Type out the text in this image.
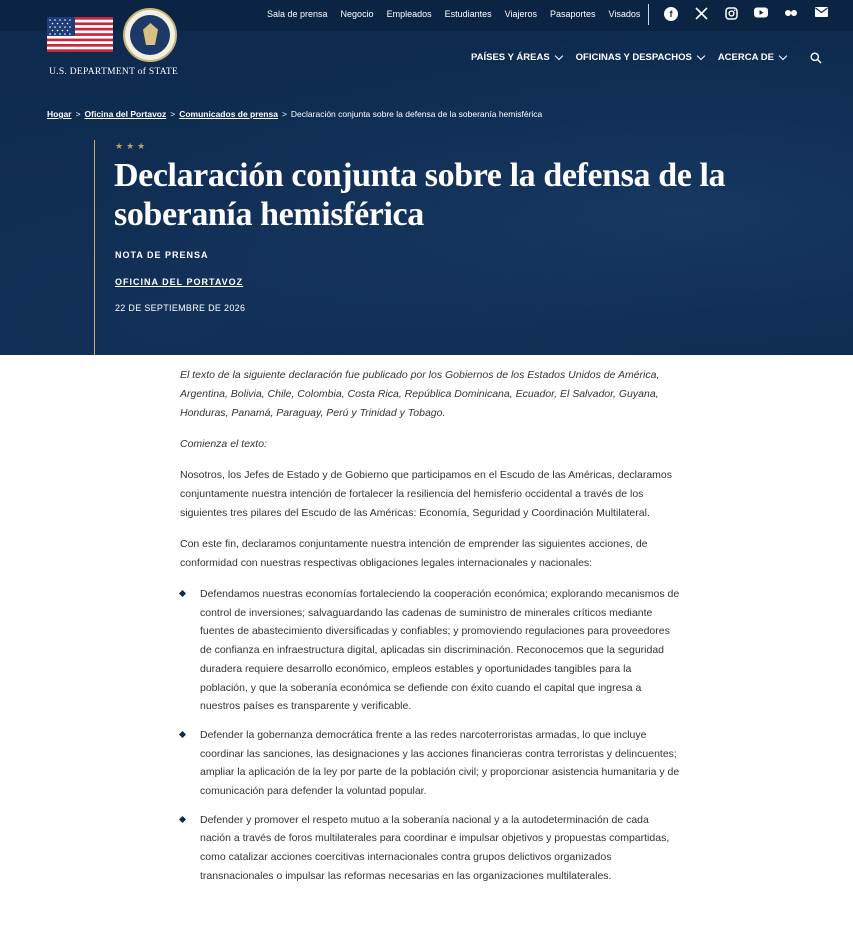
Sala de prensa Negocio Empleados Estudiantes Viajeros Pasaportes Visados	f
U.S. DEPARTMENT of STATE
PAÍSES Y ÁREAS	OFICINAS Y DESPACHOS	ACERCA DE
Hogar > Oficina del Portavoz > Comunicados de prensa > Declaración conjunta sobre la defensa de la soberanía hemisférica
★★★
Declaración conjunta sobre la defensa de la soberanía hemisférica
NOTA DE PRENSA
OFICINA DEL PORTAVOZ
22 DE SEPTIEMBRE DE 2026

El texto de la siguiente declaración fue publicado por los Gobiernos de los Estados Unidos de América, Argentina, Bolivia, Chile, Colombia, Costa Rica, República Dominicana, Ecuador, El Salvador, Guyana, Honduras, Panamá, Paraguay, Perú y Trinidad y Tobago.

Comienza el texto:

Nosotros, los Jefes de Estado y de Gobierno que participamos en el Escudo de las Américas, declaramos conjuntamente nuestra intención de fortalecer la resiliencia del hemisferio occidental a través de los siguientes tres pilares del Escudo de las Américas: Economía, Seguridad y Coordinación Multilateral.

Con este fin, declaramos conjuntamente nuestra intención de emprender las siguientes acciones, de conformidad con nuestras respectivas obligaciones legales internacionales y nacionales:

Defendamos nuestras economías fortaleciendo la cooperación económica; explorando mecanismos de control de inversiones; salvaguardando las cadenas de suministro de minerales críticos mediante fuentes de abastecimiento diversificadas y confiables; y promoviendo regulaciones para proveedores de confianza en infraestructura digital, aplicadas sin discriminación. Reconocemos que la seguridad duradera requiere desarrollo económico, empleos estables y oportunidades tangibles para la población, y que la soberanía económica se defiende con éxito cuando el capital que ingresa a nuestros países es transparente y verificable.
Defender la gobernanza democrática frente a las redes narcoterroristas armadas, lo que incluye coordinar las sanciones, las designaciones y las acciones financieras contra terroristas y delincuentes; ampliar la aplicación de la ley por parte de la población civil; y proporcionar asistencia humanitaria y de comunicación para defender la voluntad popular.
Defender y promover el respeto mutuo a la soberanía nacional y a la autodeterminación de cada nación a través de foros multilaterales para coordinar e impulsar objetivos y propuestas compartidas, como catalizar acciones coercitivas internacionales contra grupos delictivos organizados transnacionales o impulsar las reformas necesarias en las organizaciones multilaterales.
